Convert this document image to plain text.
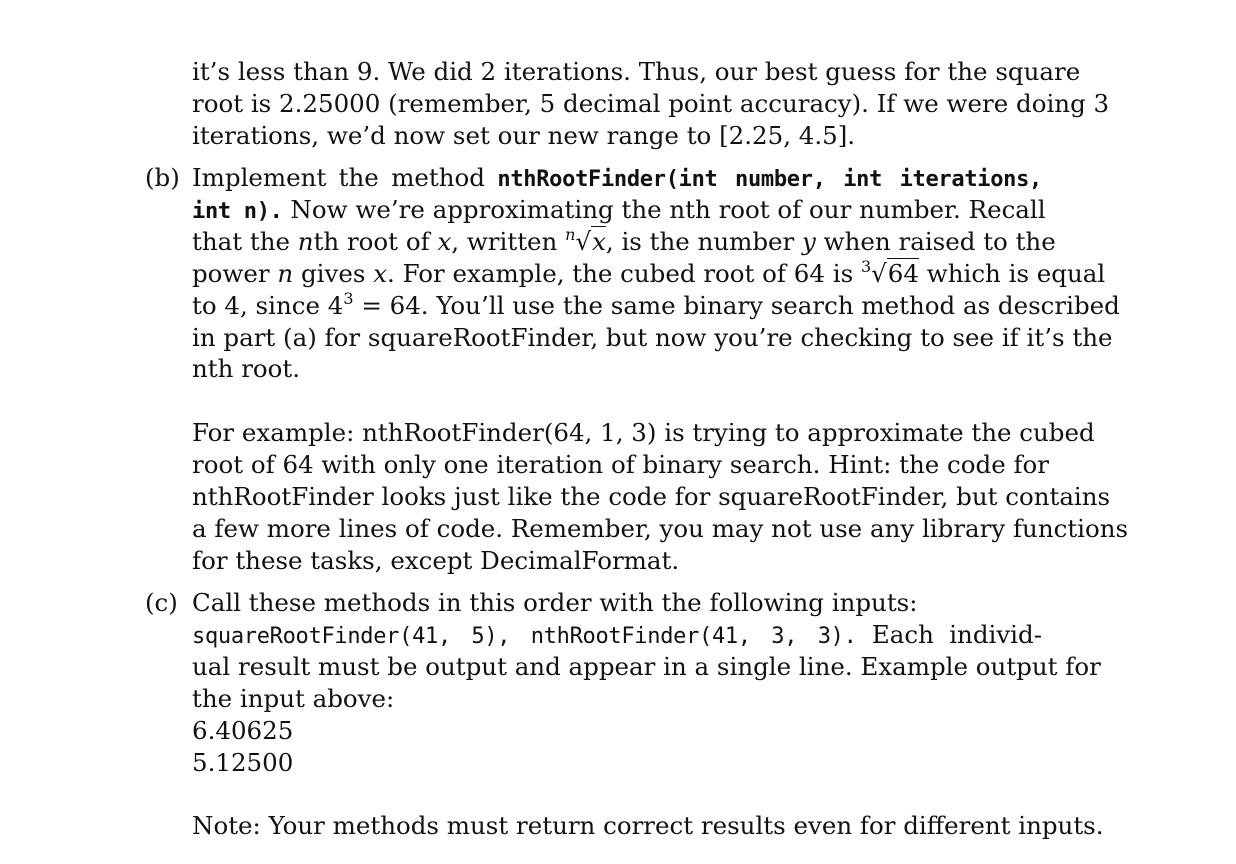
it’s less than 9. We did 2 iterations. Thus, our best guess for the square
root is 2.25000 (remember, 5 decimal point accuracy). If we were doing 3
iterations, we’d now set our new range to [2.25, 4.5].
(b) Implement the method nthRootFinder(int number, int iterations,
int n). Now we’re approximating the nth root of our number. Recall
that the nth root of x, written $^n$√x, is the number y when raised to the
power n gives x. For example, the cubed root of 64 is $^3$√64 which is equal
to 4, since $4^3 = 64$. You’ll use the same binary search method as described
in part (a) for squareRootFinder, but now you’re checking to see if it’s the
nth root.
For example: nthRootFinder(64, 1, 3) is trying to approximate the cubed
root of 64 with only one iteration of binary search. Hint: the code for
nthRootFinder looks just like the code for squareRootFinder, but contains
a few more lines of code. Remember, you may not use any library functions
for these tasks, except DecimalFormat.
(c) Call these methods in this order with the following inputs:
squareRootFinder(41, 5), nthRootFinder(41, 3, 3). Each individ-
ual result must be output and appear in a single line. Example output for
the input above:
6.40625
5.12500
Note: Your methods must return correct results even for different inputs.
